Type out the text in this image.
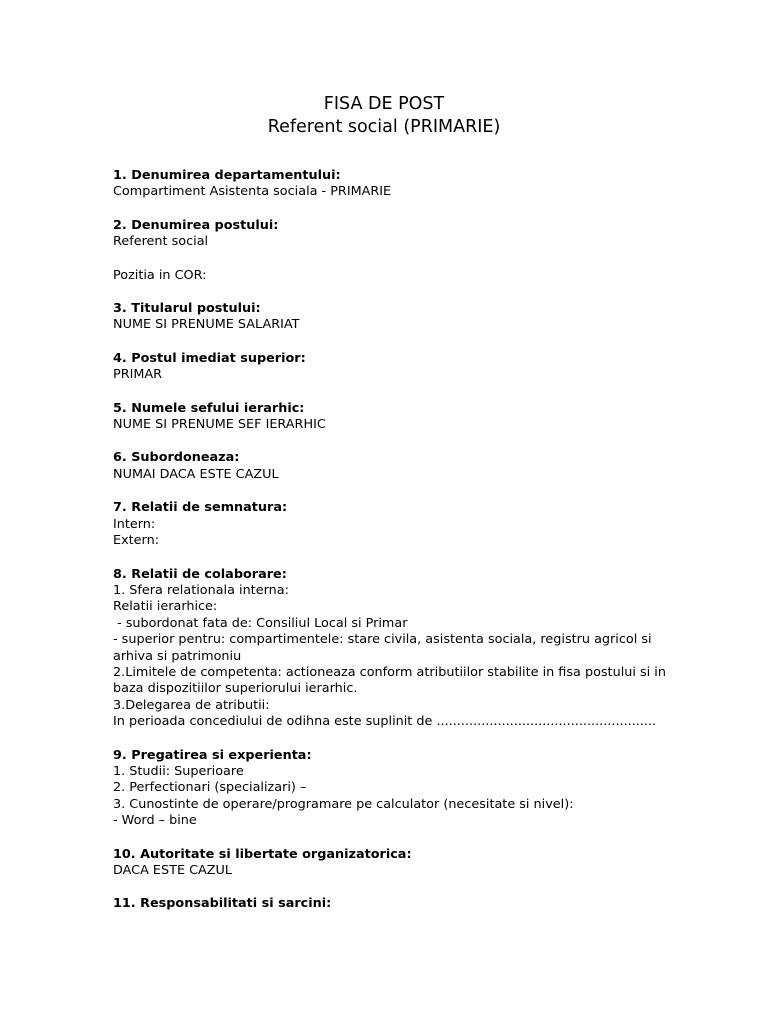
FISA DE POST
Referent social (PRIMARIE)
1. Denumirea departamentului:
Compartiment Asistenta sociala - PRIMARIE
2. Denumirea postului:
Referent social
Pozitia in COR:
3. Titularul postului:
NUME SI PRENUME SALARIAT
4. Postul imediat superior:
PRIMAR
5. Numele sefului ierarhic:
NUME SI PRENUME SEF IERARHIC
6. Subordoneaza:
NUMAI DACA ESTE CAZUL
7. Relatii de semnatura:
Intern:
Extern:
8. Relatii de colaborare:
1. Sfera relationala interna:
Relatii ierarhice:
- subordonat fata de: Consiliul Local si Primar
- superior pentru: compartimentele: stare civila, asistenta sociala, registru agricol si arhiva si patrimoniu
2.Limitele de competenta: actioneaza conform atributiilor stabilite in fisa postului si in baza dispozitiilor superiorului ierarhic.
3.Delegarea de atributii:
In perioada concediului de odihna este suplinit de ......................................................
9. Pregatirea si experienta:
1. Studii: Superioare
2. Perfectionari (specializari) –
3. Cunostinte de operare/programare pe calculator (necesitate si nivel):
- Word – bine
10. Autoritate si libertate organizatorica:
DACA ESTE CAZUL
11. Responsabilitati si sarcini:
